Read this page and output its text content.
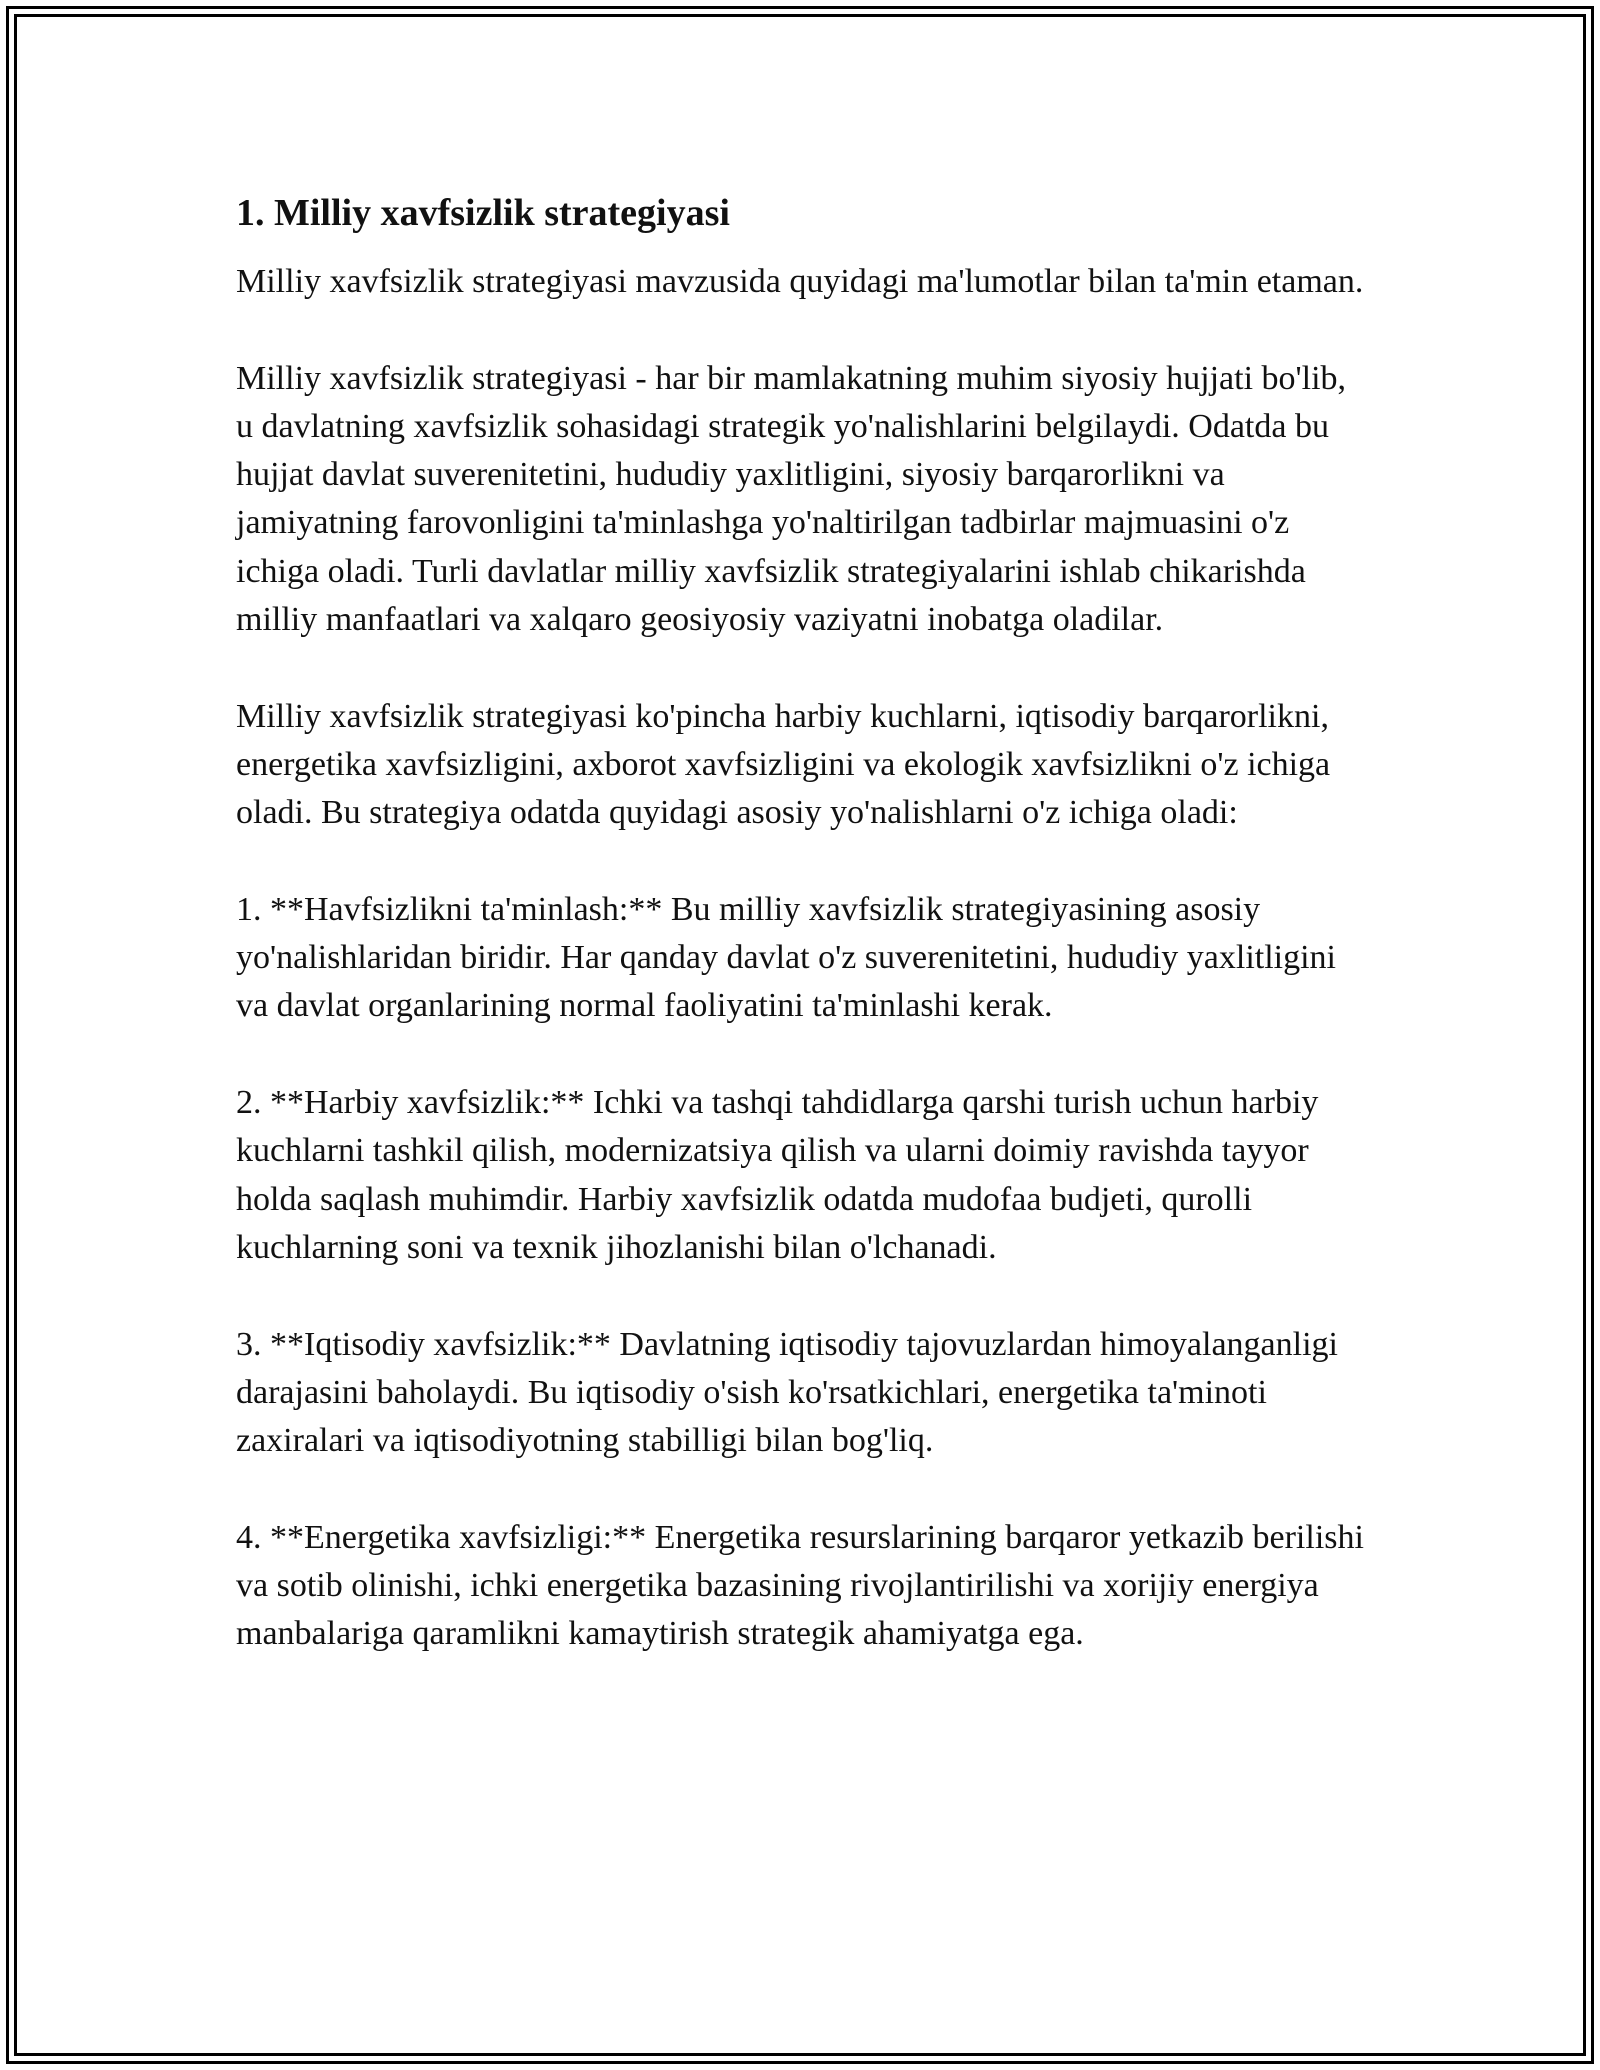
1. Milliy xavfsizlik strategiyasi

Milliy xavfsizlik strategiyasi mavzusida quyidagi ma'lumotlar bilan ta'min etaman.

Milliy xavfsizlik strategiyasi - har bir mamlakatning muhim siyosiy hujjati bo'lib, u davlatning xavfsizlik sohasidagi strategik yo'nalishlarini belgilaydi. Odatda bu hujjat davlat suverenitetini, hududiy yaxlitligini, siyosiy barqarorlikni va jamiyatning farovonligini ta'minlashga yo'naltirilgan tadbirlar majmuasini o'z ichiga oladi. Turli davlatlar milliy xavfsizlik strategiyalarini ishlab chikarishda milliy manfaatlari va xalqaro geosiyosiy vaziyatni inobatga oladilar.

Milliy xavfsizlik strategiyasi ko'pincha harbiy kuchlarni, iqtisodiy barqarorlikni, energetika xavfsizligini, axborot xavfsizligini va ekologik xavfsizlikni o'z ichiga oladi. Bu strategiya odatda quyidagi asosiy yo'nalishlarni o'z ichiga oladi:

1. **Havfsizlikni ta'minlash:** Bu milliy xavfsizlik strategiyasining asosiy yo'nalishlaridan biridir. Har qanday davlat o'z suverenitetini, hududiy yaxlitligini va davlat organlarining normal faoliyatini ta'minlashi kerak.

2. **Harbiy xavfsizlik:** Ichki va tashqi tahdidlarga qarshi turish uchun harbiy kuchlarni tashkil qilish, modernizatsiya qilish va ularni doimiy ravishda tayyor holda saqlash muhimdir. Harbiy xavfsizlik odatda mudofaa budjeti, qurolli kuchlarning soni va texnik jihozlanishi bilan o'lchanadi.

3. **Iqtisodiy xavfsizlik:** Davlatning iqtisodiy tajovuzlardan himoyalanganligi darajasini baholaydi. Bu iqtisodiy o'sish ko'rsatkichlari, energetika ta'minoti zaxiralari va iqtisodiyotning stabilligi bilan bog'liq.

4. **Energetika xavfsizligi:** Energetika resurslarining barqaror yetkazib berilishi va sotib olinishi, ichki energetika bazasining rivojlantirilishi va xorijiy energiya manbalariga qaramlikni kamaytirish strategik ahamiyatga ega.
